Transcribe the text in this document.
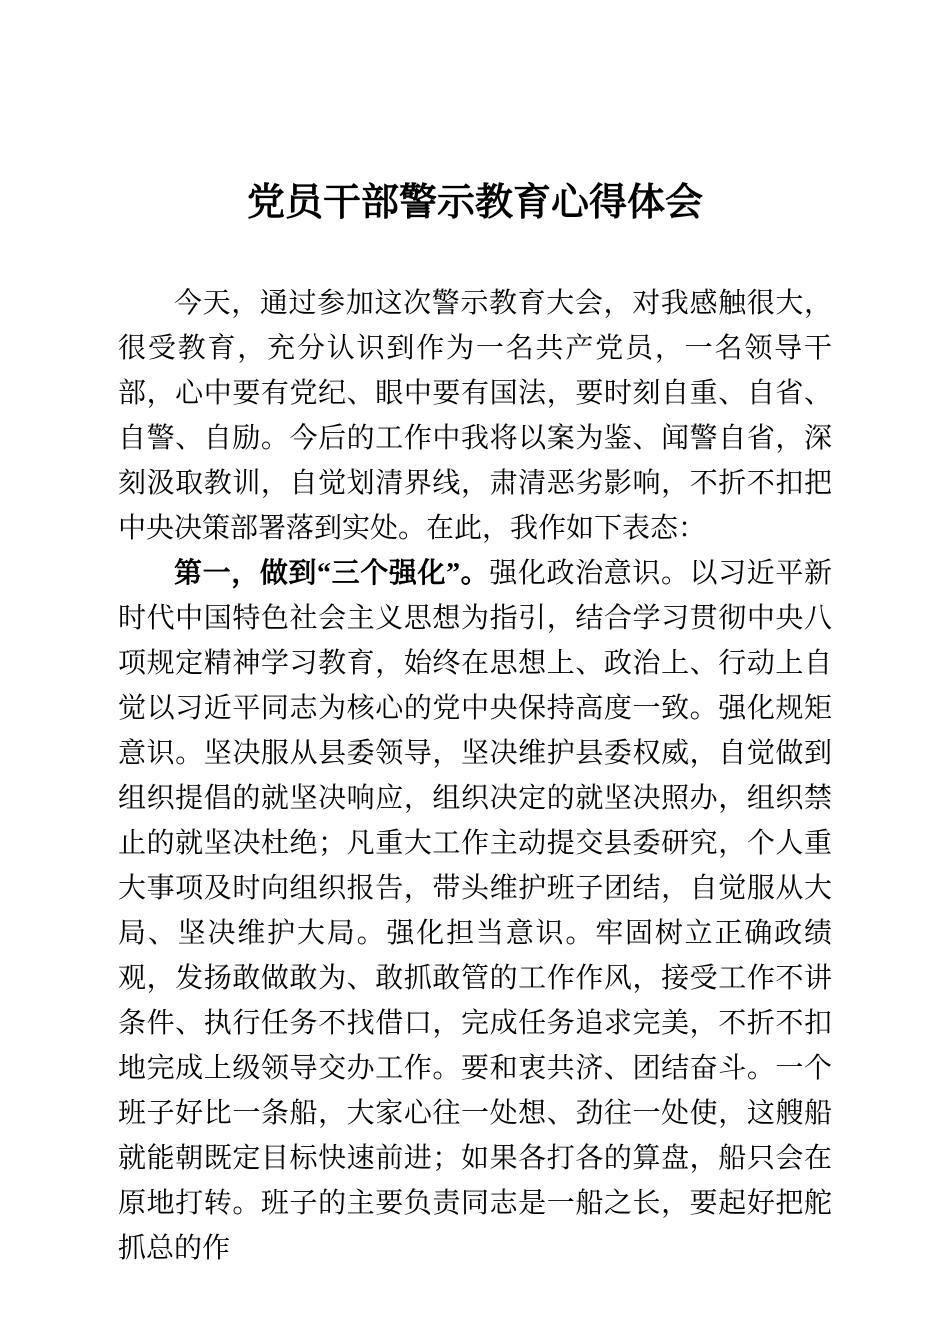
党员干部警示教育心得体会

今天，通过参加这次警示教育大会，对我感触很大，很受教育，充分认识到作为一名共产党员，一名领导干部，心中要有党纪、眼中要有国法，要时刻自重、自省、自警、自励。今后的工作中我将以案为鉴、闻警自省，深刻汲取教训，自觉划清界线，肃清恶劣影响，不折不扣把中央决策部署落到实处。在此，我作如下表态：

第一，做到“三个强化”。强化政治意识。以习近平新时代中国特色社会主义思想为指引，结合学习贯彻中央八项规定精神学习教育，始终在思想上、政治上、行动上自觉以习近平同志为核心的党中央保持高度一致。强化规矩意识。坚决服从县委领导，坚决维护县委权威，自觉做到组织提倡的就坚决响应，组织决定的就坚决照办，组织禁止的就坚决杜绝；凡重大工作主动提交县委研究，个人重大事项及时向组织报告，带头维护班子团结，自觉服从大局、坚决维护大局。强化担当意识。牢固树立正确政绩观，发扬敢做敢为、敢抓敢管的工作作风，接受工作不讲条件、执行任务不找借口，完成任务追求完美，不折不扣地完成上级领导交办工作。要和衷共济、团结奋斗。一个班子好比一条船，大家心往一处想、劲往一处使，这艘船就能朝既定目标快速前进；如果各打各的算盘，船只会在原地打转。班子的主要负责同志是一船之长，要起好把舵抓总的作
